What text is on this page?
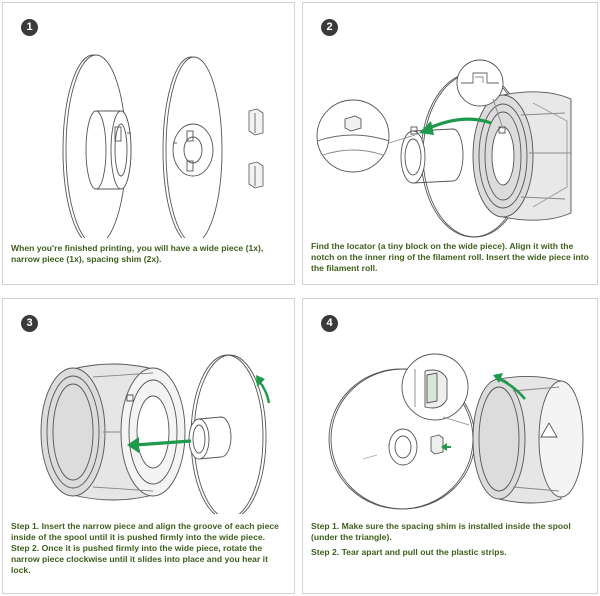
1

When you're finished printing, you will have a wide piece (1x), narrow piece (1x), spacing shim (2x).

2

Find the locator (a tiny block on the wide piece). Align it with the notch on the inner ring of the filament roll. Insert the wide piece into the filament roll.

3

Step 1. Insert the narrow piece and align the groove of each piece inside of the spool until it is pushed firmly into the wide piece.

Step 2. Once it is pushed firmly into the wide piece, rotate the narrow piece clockwise until it slides into place and you hear it lock.

4

Step 1. Make sure the spacing shim is installed inside the spool (under the triangle).

Step 2. Tear apart and pull out the plastic strips.
